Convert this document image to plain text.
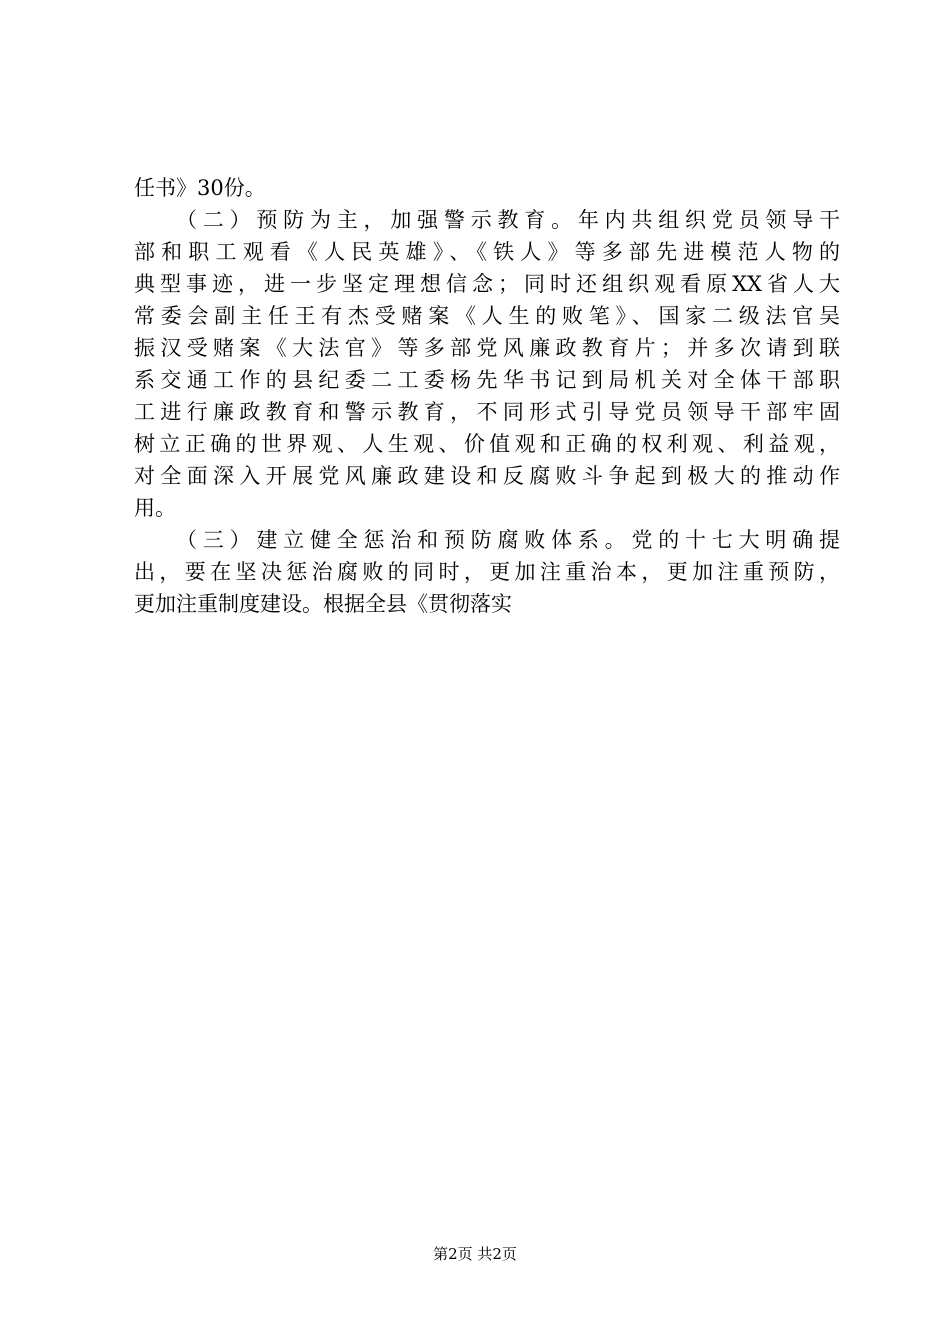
任书》30份。
（二）预防为主，加强警示教育。年内共组织党员领导干
部和职工观看《人民英雄》、《铁人》等多部先进模范人物的
典型事迹，进一步坚定理想信念；同时还组织观看原XX省人大
常委会副主任王有杰受赌案《人生的败笔》、国家二级法官吴
振汉受赌案《大法官》等多部党风廉政教育片；并多次请到联
系交通工作的县纪委二工委杨先华书记到局机关对全体干部职
工进行廉政教育和警示教育，不同形式引导党员领导干部牢固
树立正确的世界观、人生观、价值观和正确的权利观、利益观，
对全面深入开展党风廉政建设和反腐败斗争起到极大的推动作
用。
（三）建立健全惩治和预防腐败体系。党的十七大明确提
出，要在坚决惩治腐败的同时，更加注重治本，更加注重预防，
更加注重制度建设。根据全县《贯彻落实
第2页 共2页
